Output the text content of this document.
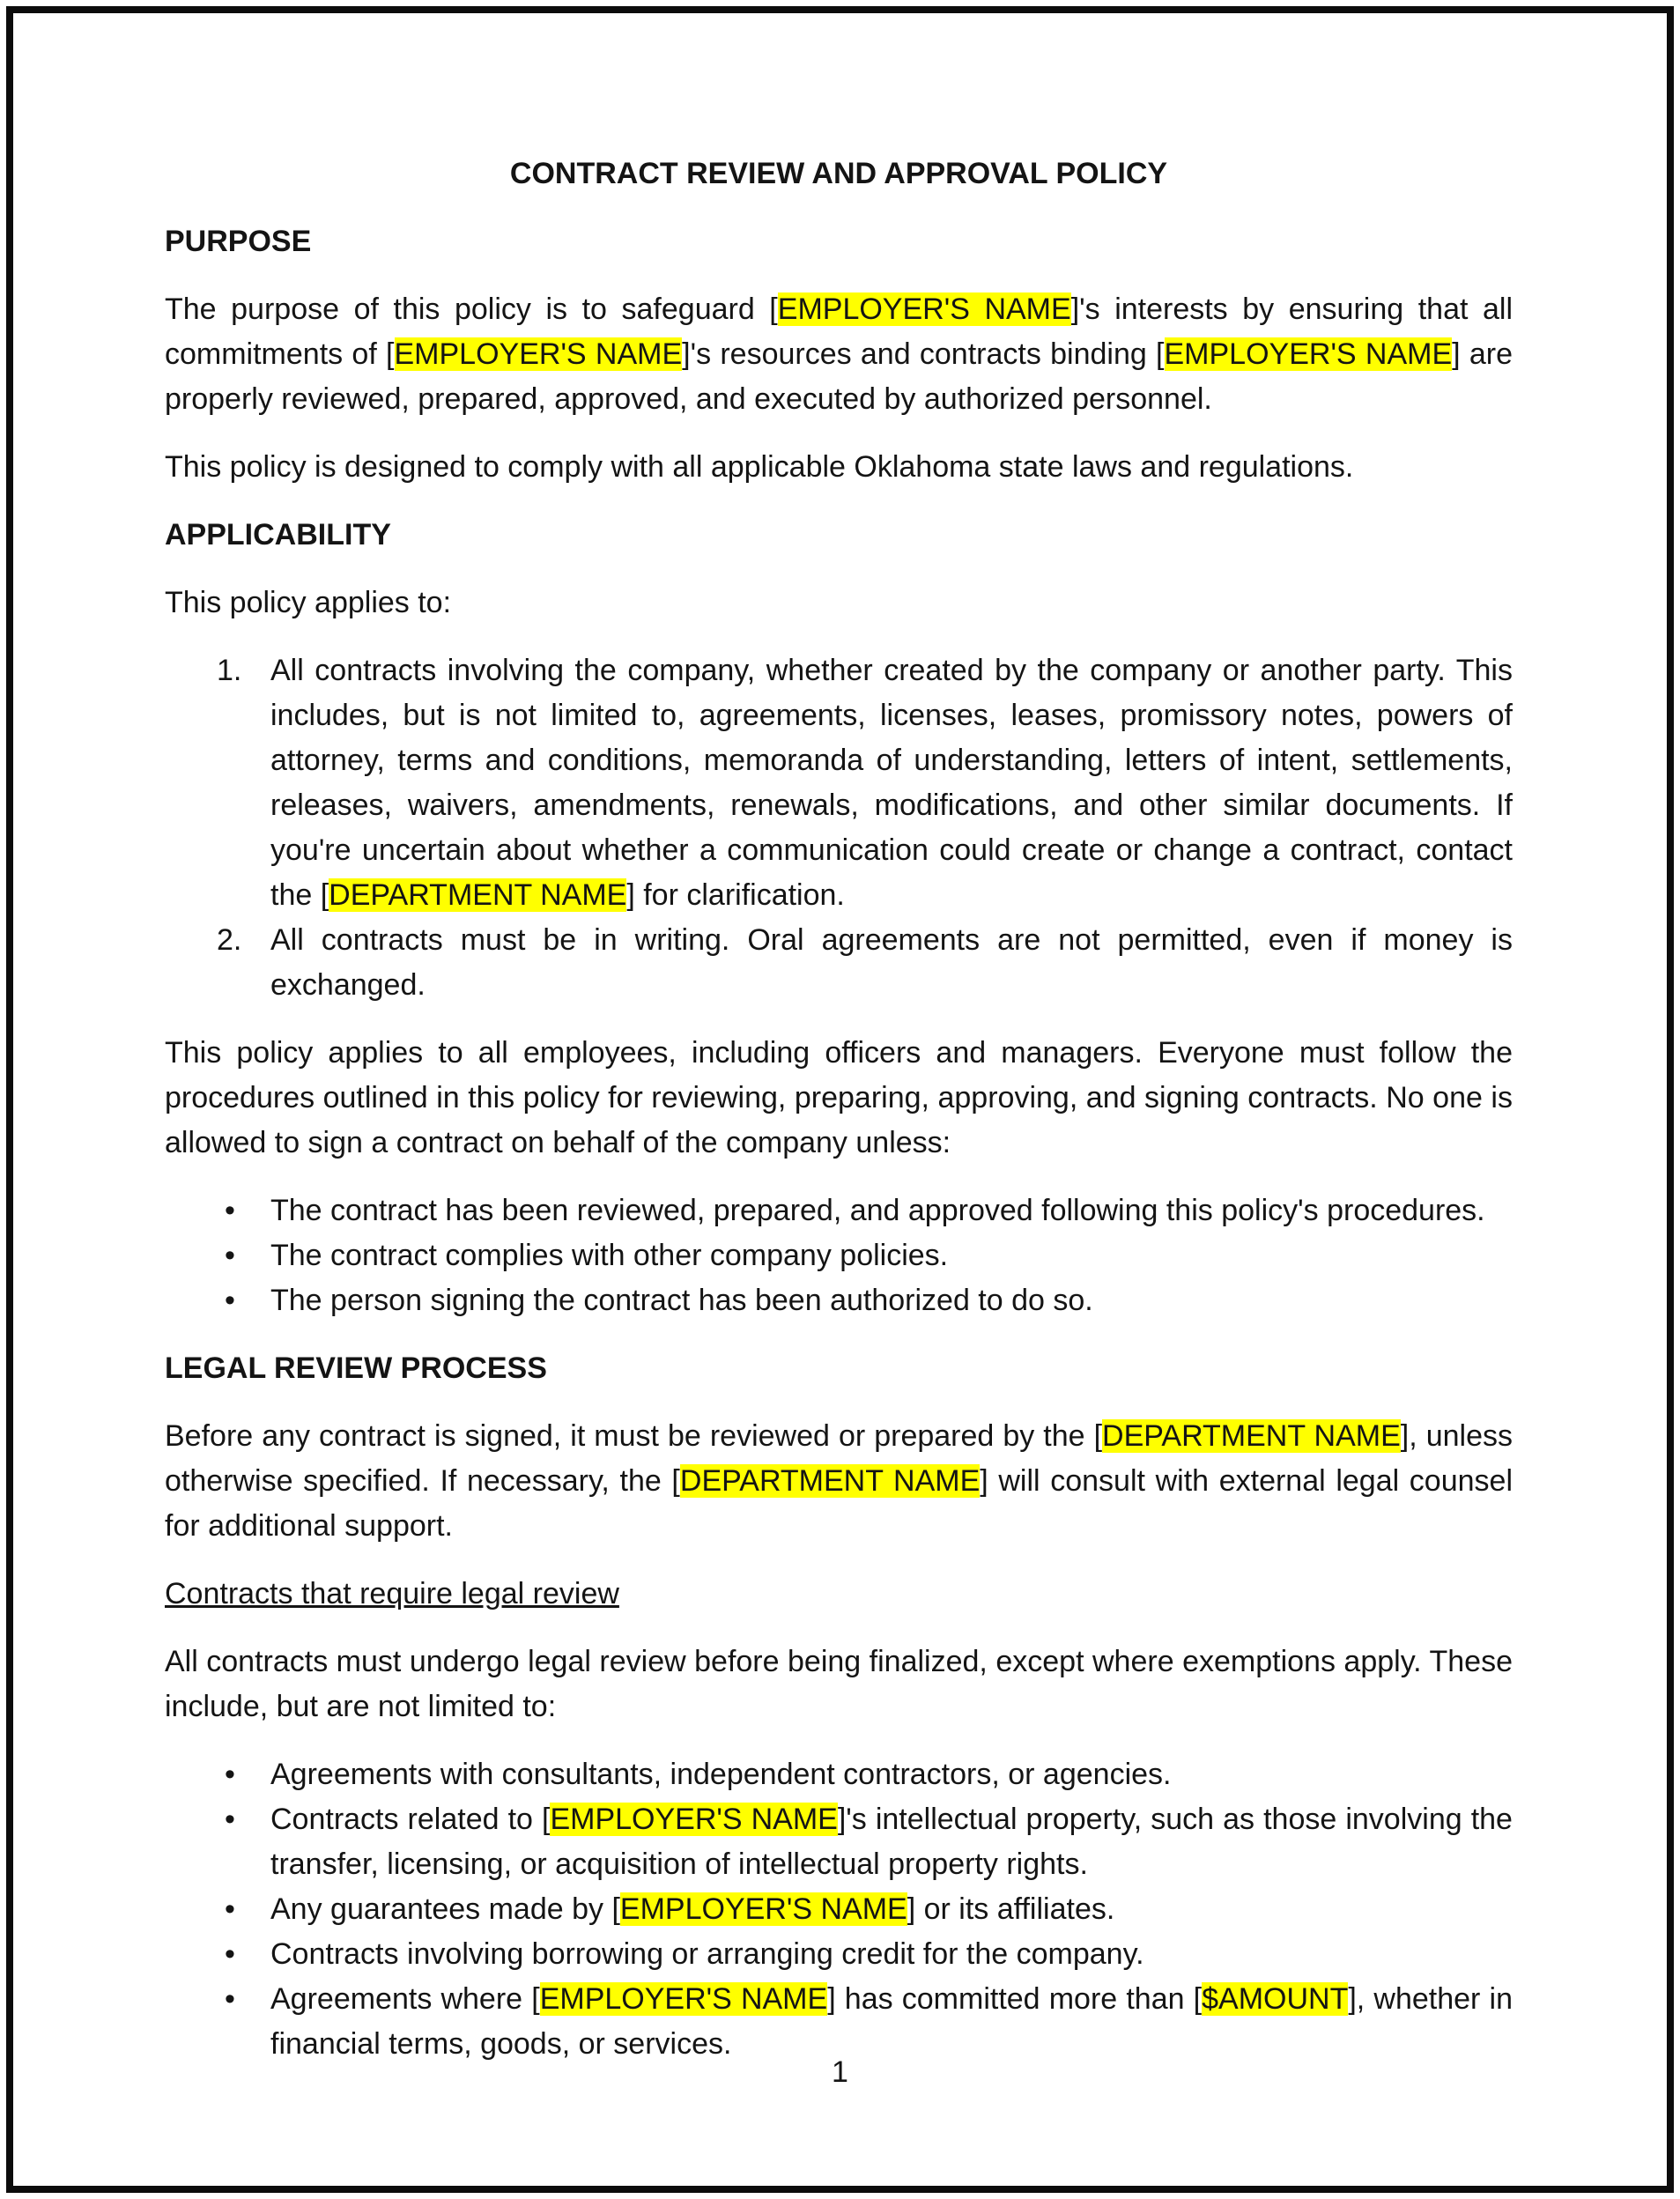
CONTRACT REVIEW AND APPROVAL POLICY

PURPOSE

The purpose of this policy is to safeguard [EMPLOYER'S NAME]'s interests by ensuring that all commitments of [EMPLOYER'S NAME]'s resources and contracts binding [EMPLOYER'S NAME] are properly reviewed, prepared, approved, and executed by authorized personnel.

This policy is designed to comply with all applicable Oklahoma state laws and regulations.

APPLICABILITY

This policy applies to:

All contracts involving the company, whether created by the company or another party. This includes, but is not limited to, agreements, licenses, leases, promissory notes, powers of attorney, terms and conditions, memoranda of understanding, letters of intent, settlements, releases, waivers, amendments, renewals, modifications, and other similar documents. If you're uncertain about whether a communication could create or change a contract, contact the [DEPARTMENT NAME] for clarification.
All contracts must be in writing. Oral agreements are not permitted, even if money is exchanged.

This policy applies to all employees, including officers and managers. Everyone must follow the procedures outlined in this policy for reviewing, preparing, approving, and signing contracts. No one is allowed to sign a contract on behalf of the company unless:

• The contract has been reviewed, prepared, and approved following this policy's procedures.
• The contract complies with other company policies.
• The person signing the contract has been authorized to do so.

LEGAL REVIEW PROCESS

Before any contract is signed, it must be reviewed or prepared by the [DEPARTMENT NAME], unless otherwise specified. If necessary, the [DEPARTMENT NAME] will consult with external legal counsel for additional support.

Contracts that require legal review

All contracts must undergo legal review before being finalized, except where exemptions apply. These include, but are not limited to:

• Agreements with consultants, independent contractors, or agencies.
• Contracts related to [EMPLOYER'S NAME]'s intellectual property, such as those involving the transfer, licensing, or acquisition of intellectual property rights.
• Any guarantees made by [EMPLOYER'S NAME] or its affiliates.
• Contracts involving borrowing or arranging credit for the company.
• Agreements where [EMPLOYER'S NAME] has committed more than [$AMOUNT], whether in financial terms, goods, or services.
1
